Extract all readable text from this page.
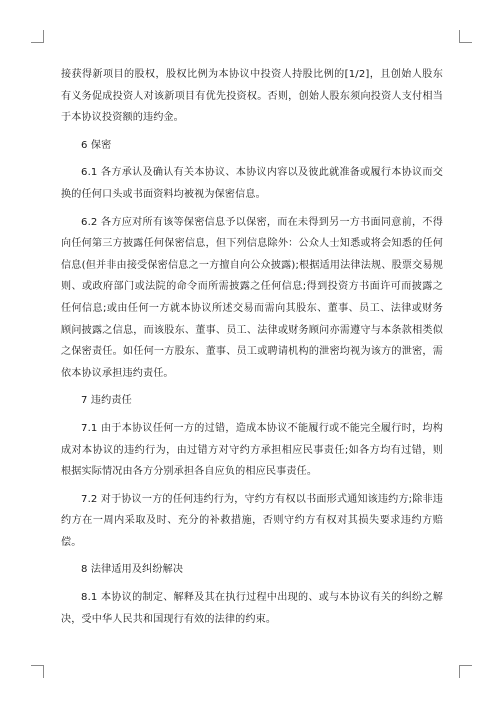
接获得新项目的股权，股权比例为本协议中投资人持股比例的[1/2]，且创始人股东有义务促成投资人对该新项目有优先投资权。否则，创始人股东须向投资人支付相当于本协议投资额的违约金。

6 保密

6.1 各方承认及确认有关本协议、本协议内容以及彼此就准备或履行本协议而交换的任何口头或书面资料均被视为保密信息。

6.2 各方应对所有该等保密信息予以保密，而在未得到另一方书面同意前，不得向任何第三方披露任何保密信息，但下列信息除外：公众人士知悉或将会知悉的任何信息(但并非由接受保密信息之一方擅自向公众披露);根据适用法律法规、股票交易规则、或政府部门或法院的命令而所需披露之任何信息;得到投资方书面许可而披露之任何信息;或由任何一方就本协议所述交易而需向其股东、董事、员工、法律或财务顾问披露之信息，而该股东、董事、员工、法律或财务顾问亦需遵守与本条款相类似之保密责任。如任何一方股东、董事、员工或聘请机构的泄密均视为该方的泄密，需依本协议承担违约责任。

7 违约责任

7.1 由于本协议任何一方的过错，造成本协议不能履行或不能完全履行时，均构成对本协议的违约行为，由过错方对守约方承担相应民事责任;如各方均有过错，则根据实际情况由各方分别承担各自应负的相应民事责任。

7.2 对于协议一方的任何违约行为，守约方有权以书面形式通知该违约方;除非违约方在一周内采取及时、充分的补救措施，否则守约方有权对其损失要求违约方赔偿。

8 法律适用及纠纷解决

8.1 本协议的制定、解释及其在执行过程中出现的、或与本协议有关的纠纷之解决，受中华人民共和国现行有效的法律的约束。
